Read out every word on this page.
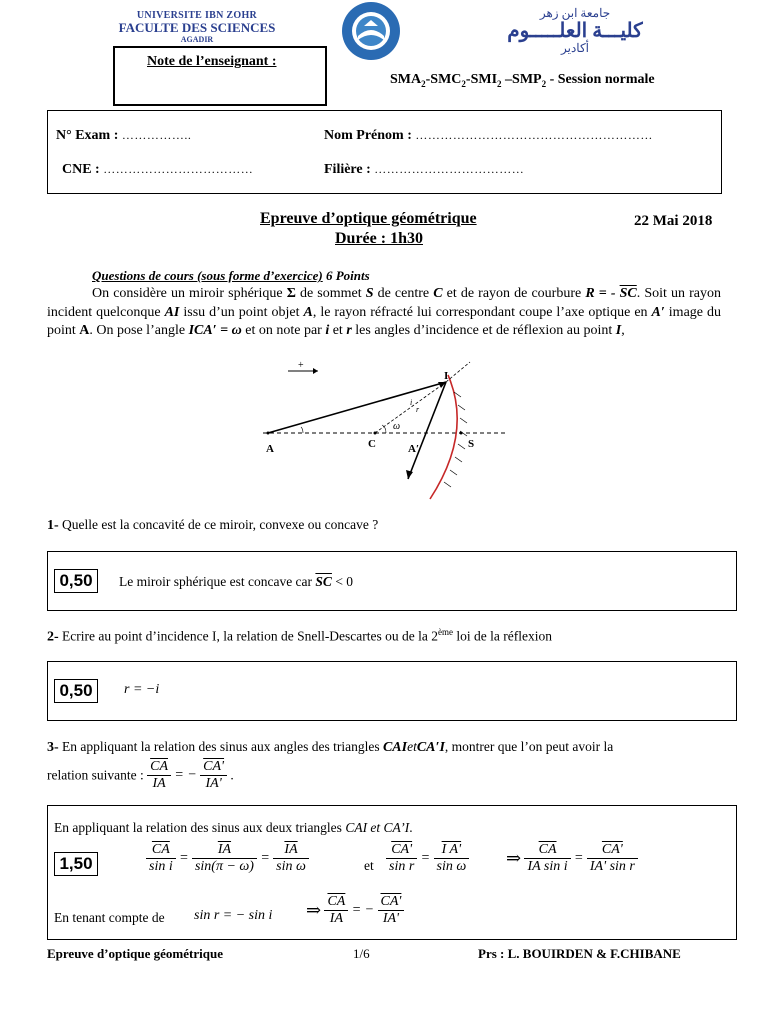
UNIVERSITE IBN ZOHR
FACULTE DES SCIENCES
AGADIR
جامعة ابن زهر
كليـــة العلـــــوم
أكادير
Note de l’enseignant :
$SMA_2-SMC_2-SMI_2$ $-SMP_2$ - Session normale
N° Exam : ……………..	Nom Prénom : …………………………………………………
CNE : ………………………………	Filière : ………………………………
Epreuve d’optique géométrique
Durée : 1h30
22 Mai 2018
Questions de cours (sous forme d’exercice) 6 Points

On considère un miroir sphérique Σ de sommet S de centre C et de rayon de courbure R = - $\overline{SC}$. Soit un rayon incident quelconque AI issu d’un point objet A, le rayon réfracté lui correspondant coupe l’axe optique en A′ image du point A. On pose l’angle ICA′ = ω et on note par i et r les angles d’incidence et de réflexion au point I,

+
I
A	C	A′	S
ω
i
r
1- Quelle est la concavité de ce miroir, convexe ou concave ?
0,50	Le miroir sphérique est concave car $\overline{SC} < 0$
2- Ecrire au point d’incidence I, la relation de Snell-Descartes ou de la 2ème loi de la réflexion
0,50	r = −i
3- En appliquant la relation des sinus aux angles des triangles CAIetCA′I, montrer que l’on peut avoir la
relation suivante : $\frac{\overline{CA}}{IA}$ = − $\frac{CA'}{IA'}$ .
En appliquant la relation des sinus aux deux triangles CAI et CA’I.
1,50	$\frac{\overline{CA}}{\text{sin i}} = \frac{\overline{IA}}{\sin(\pi - \omega)} = \frac{\overline{IA}}{\text{sin ω}}$	et $\frac{CA'}{\text{sin r}} = \frac{\text{I A'}}{\text{sin ω}}$ ⇒ $\frac{\overline{CA}}{\text{IA sin i}} = \frac{CA'}{\text{IA' sin r}}$
En tenant compte de sin r = − sin i ⇒ $\frac{\overline{CA}}{IA}$ = − $\frac{CA'}{IA'}$
Epreuve d’optique géométrique	1/6	Prs : L. BOUIRDEN & F.CHIBANE
